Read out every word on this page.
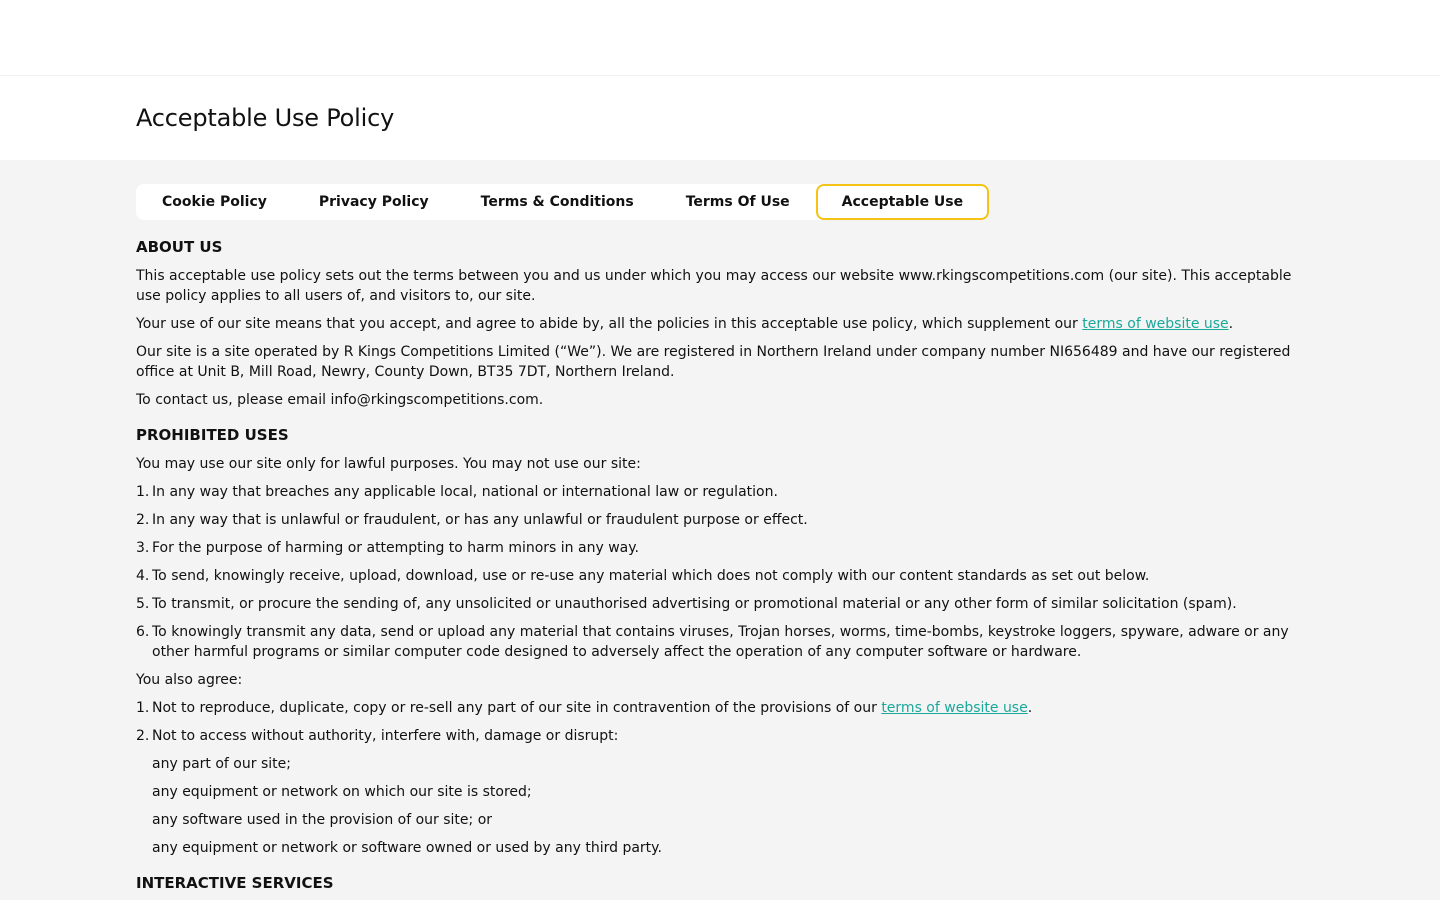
Acceptable Use Policy
Cookie Policy	Privacy Policy	Terms & Conditions	Terms Of Use	Acceptable Use
ABOUT US

This acceptable use policy sets out the terms between you and us under which you may access our website www.rkingscompetitions.com (our site). This acceptable use policy applies to all users of, and visitors to, our site.

Your use of our site means that you accept, and agree to abide by, all the policies in this acceptable use policy, which supplement our terms of website use.

Our site is a site operated by R Kings Competitions Limited (“We”). We are registered in Northern Ireland under company number NI656489 and have our registered office at Unit B, Mill Road, Newry, County Down, BT35 7DT, Northern Ireland.

To contact us, please email info@rkingscompetitions.com.

PROHIBITED USES

You may use our site only for lawful purposes. You may not use our site:

1. In any way that breaches any applicable local, national or international law or regulation.
2. In any way that is unlawful or fraudulent, or has any unlawful or fraudulent purpose or effect.
3. For the purpose of harming or attempting to harm minors in any way.
4. To send, knowingly receive, upload, download, use or re-use any material which does not comply with our content standards as set out below.
5. To transmit, or procure the sending of, any unsolicited or unauthorised advertising or promotional material or any other form of similar solicitation (spam).
6. To knowingly transmit any data, send or upload any material that contains viruses, Trojan horses, worms, time-bombs, keystroke loggers, spyware, adware or any other harmful programs or similar computer code designed to adversely affect the operation of any computer software or hardware.

You also agree:

1. Not to reproduce, duplicate, copy or re-sell any part of our site in contravention of the provisions of our terms of website use.
2. Not to access without authority, interfere with, damage or disrupt:
any part of our site;
any equipment or network on which our site is stored;
any software used in the provision of our site; or
any equipment or network or software owned or used by any third party.
INTERACTIVE SERVICES
